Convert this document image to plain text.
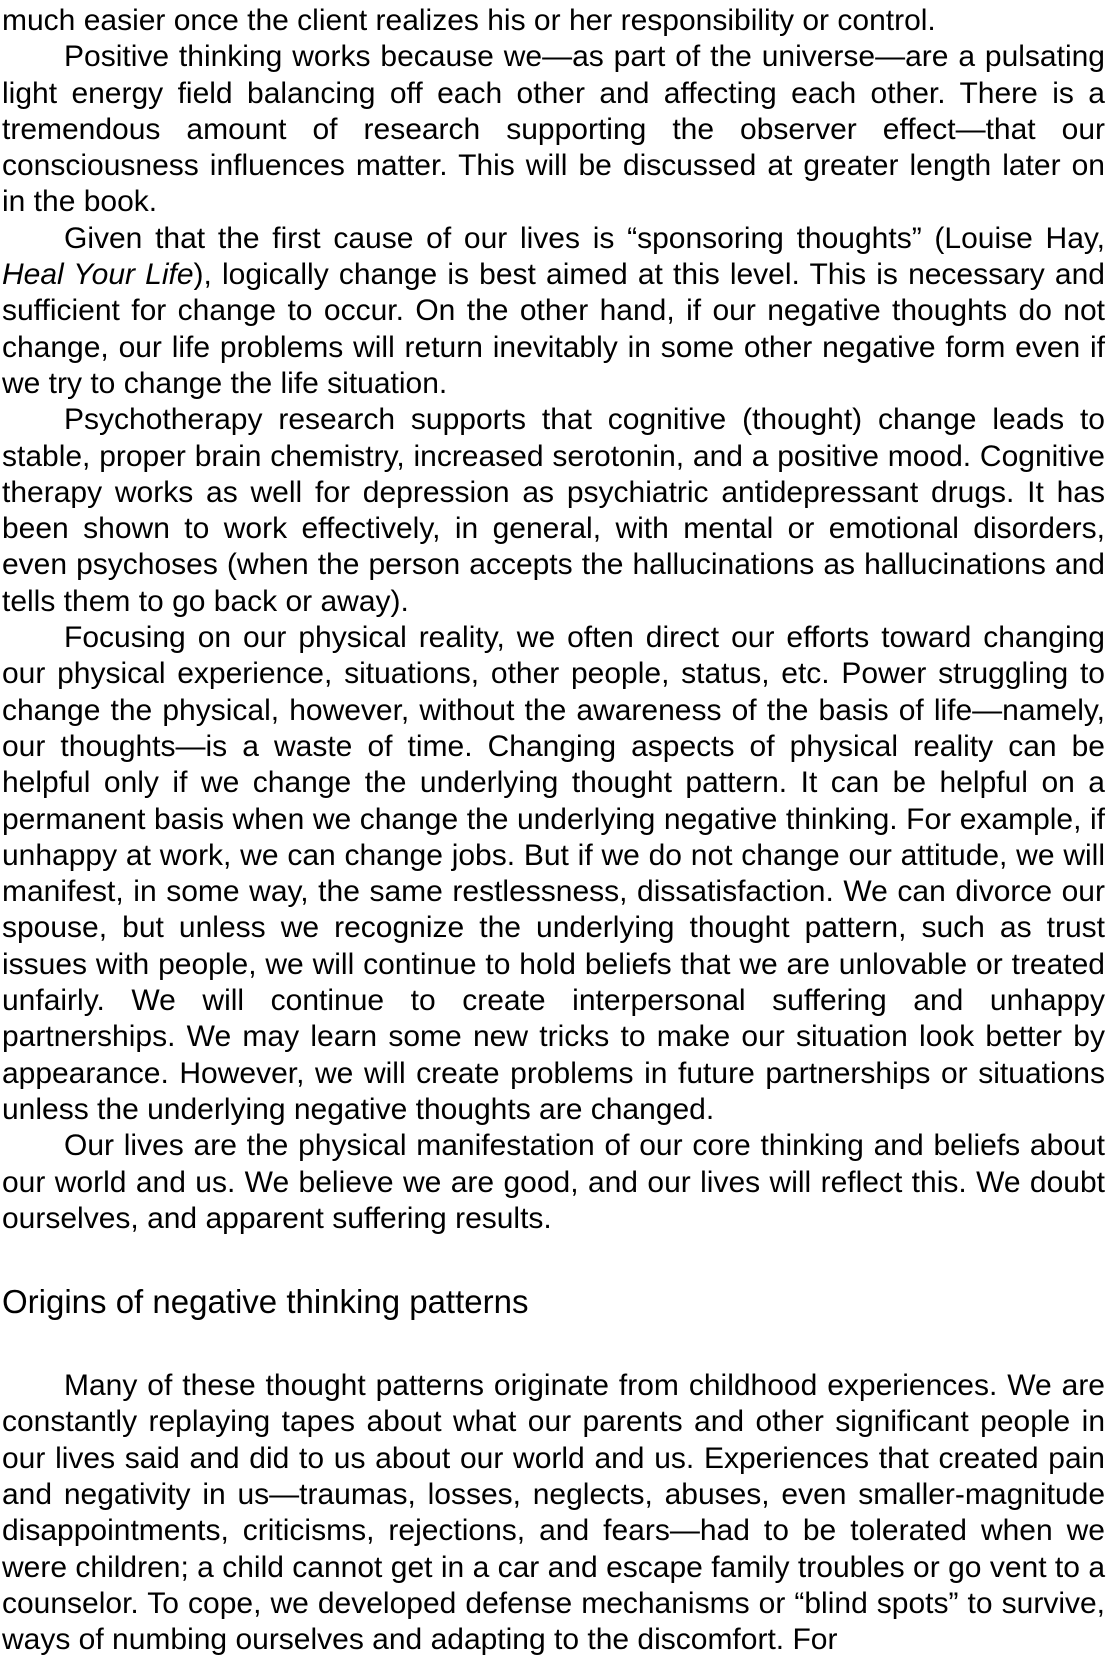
much easier once the client realizes his or her responsibility or control.

Positive thinking works because we—as part of the universe—are a pulsating light energy field balancing off each other and affecting each other. There is a tremendous amount of research supporting the observer effect—that our consciousness influences matter. This will be discussed at greater length later on in the book.

Given that the first cause of our lives is “sponsoring thoughts” (Louise Hay, Heal Your Life), logically change is best aimed at this level. This is necessary and sufficient for change to occur. On the other hand, if our negative thoughts do not change, our life problems will return inevitably in some other negative form even if we try to change the life situation.

Psychotherapy research supports that cognitive (thought) change leads to stable, proper brain chemistry, increased serotonin, and a positive mood. Cognitive therapy works as well for depression as psychiatric antidepressant drugs. It has been shown to work effectively, in general, with mental or emotional disorders, even psychoses (when the person accepts the hallucinations as hallucinations and tells them to go back or away).

Focusing on our physical reality, we often direct our efforts toward changing our physical experience, situations, other people, status, etc. Power struggling to change the physical, however, without the awareness of the basis of life—namely, our thoughts—is a waste of time. Changing aspects of physical reality can be helpful only if we change the underlying thought pattern. It can be helpful on a permanent basis when we change the underlying negative thinking. For example, if unhappy at work, we can change jobs. But if we do not change our attitude, we will manifest, in some way, the same restlessness, dissatisfaction. We can divorce our spouse, but unless we recognize the underlying thought pattern, such as trust issues with people, we will continue to hold beliefs that we are unlovable or treated unfairly. We will continue to create interpersonal suffering and unhappy partnerships. We may learn some new tricks to make our situation look better by appearance. However, we will create problems in future partnerships or situations unless the underlying negative thoughts are changed.

Our lives are the physical manifestation of our core thinking and beliefs about our world and us. We believe we are good, and our lives will reflect this. We doubt ourselves, and apparent suffering results.

Origins of negative thinking patterns

Many of these thought patterns originate from childhood experiences. We are constantly replaying tapes about what our parents and other significant people in our lives said and did to us about our world and us. Experiences that created pain and negativity in us—traumas, losses, neglects, abuses, even smaller-magnitude disappointments, criticisms, rejections, and fears—had to be tolerated when we were children; a child cannot get in a car and escape family troubles or go vent to a counselor. To cope, we developed defense mechanisms or “blind spots” to survive, ways of numbing ourselves and adapting to the discomfort. For
